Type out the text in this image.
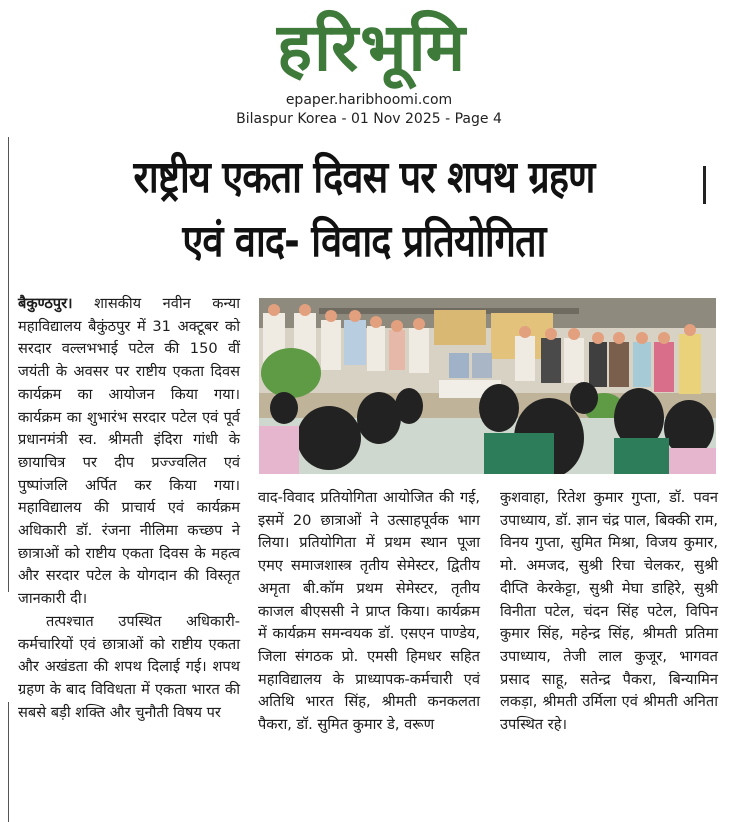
हरिभूमि
epaper.haribhoomi.com
Bilaspur Korea - 01 Nov 2025 - Page 4
राष्ट्रीय एकता दिवस पर शपथ ग्रहण
एवं वाद- विवाद प्रतियोगिता

बैकुण्ठपुर। शासकीय नवीन कन्या महाविद्यालय बैकुंठपुर में 31 अक्टूबर को सरदार वल्लभभाई पटेल की 150 वीं जयंती के अवसर पर राष्टीय एकता दिवस कार्यक्रम का आयोजन किया गया। कार्यक्रम का शुभारंभ सरदार पटेल एवं पूर्व प्रधानमंत्री स्व. श्रीमती इंदिरा गांधी के छायाचित्र पर दीप प्रज्ज्वलित एवं पुष्पांजलि अर्पित कर किया गया। महाविद्यालय की प्राचार्य एवं कार्यक्रम अधिकारी डॉ. रंजना नीलिमा कच्छप ने छात्राओं को राष्टीय एकता दिवस के महत्व और सरदार पटेल के योगदान की विस्तृत जानकारी दी।

तत्पश्चात उपस्थित अधिकारी-कर्मचारियों एवं छात्राओं को राष्टीय एकता और अखंडता की शपथ दिलाई गई। शपथ ग्रहण के बाद विविधता में एकता भारत की सबसे बड़ी शक्ति और चुनौती विषय पर

वाद-विवाद प्रतियोगिता आयोजित की गई, इसमें 20 छात्राओं ने उत्साहपूर्वक भाग लिया। प्रतियोगिता में प्रथम स्थान पूजा एमए समाजशास्त्र तृतीय सेमेस्टर, द्वितीय अमृता बी.कॉम प्रथम सेमेस्टर, तृतीय काजल बीएससी ने प्राप्त किया। कार्यक्रम में कार्यक्रम समन्वयक डॉ. एसएन पाण्डेय, जिला संगठक प्रो. एमसी हिमधर सहित महाविद्यालय के प्राध्यापक-कर्मचारी एवं अतिथि भारत सिंह, श्रीमती कनकलता पैकरा, डॉ. सुमित कुमार डे, वरूण

कुशवाहा, रितेश कुमार गुप्ता, डॉ. पवन उपाध्याय, डॉ. ज्ञान चंद्र पाल, बिक्की राम, विनय गुप्ता, सुमित मिश्रा, विजय कुमार, मो. अमजद, सुश्री रिचा चेलकर, सुश्री दीप्ति केरकेट्टा, सुश्री मेघा डाहिरे, सुश्री विनीता पटेल, चंदन सिंह पटेल, विपिन कुमार सिंह, महेन्द्र सिंह, श्रीमती प्रतिमा उपाध्याय, तेजी लाल कुजूर, भागवत प्रसाद साहू, सतेन्द्र पैकरा, बिन्यामिन लकड़ा, श्रीमती उर्मिला एवं श्रीमती अनिता उपस्थित रहे।
